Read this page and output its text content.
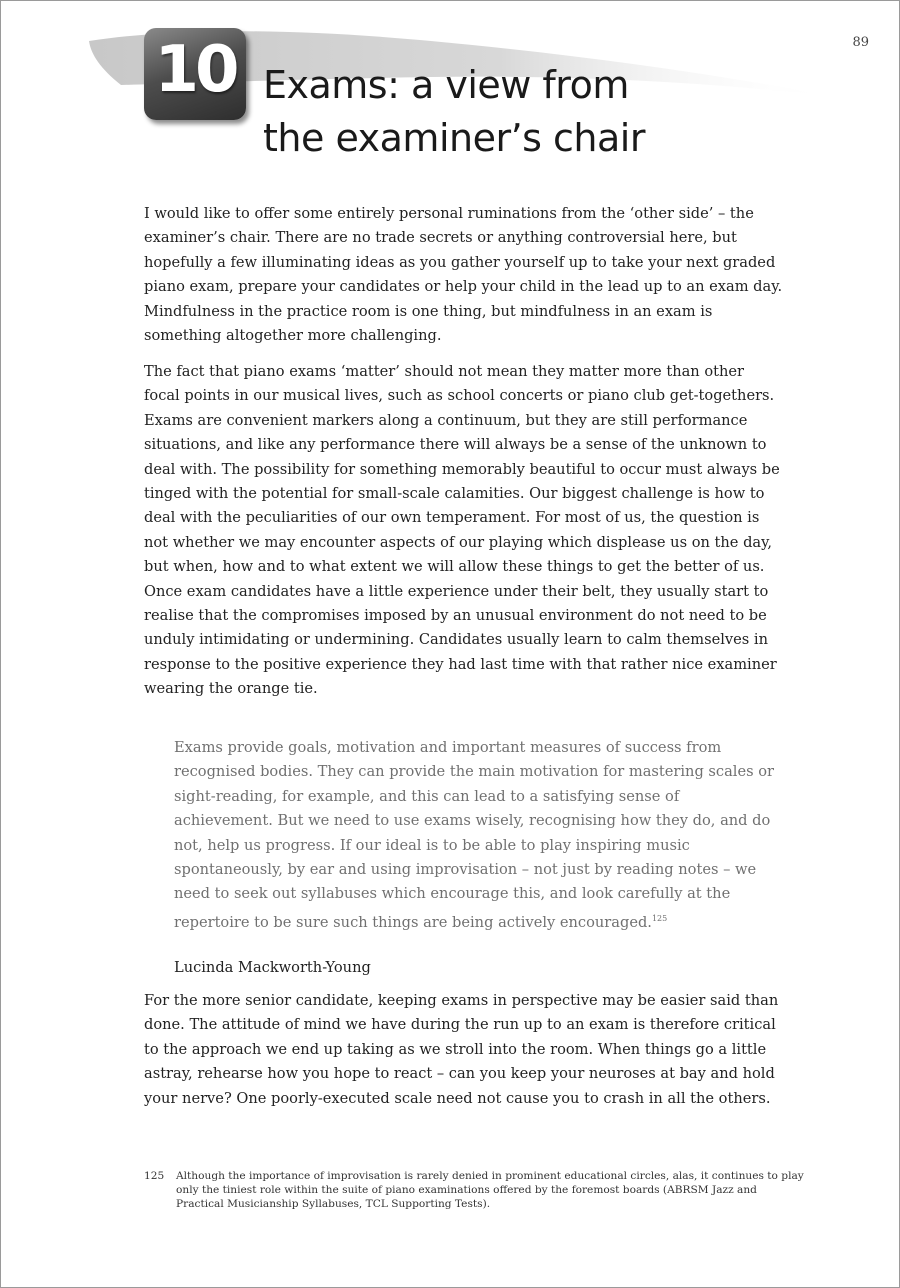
89
10 Exams: a view from
the examiner’s chair

I would like to offer some entirely personal ruminations from the ‘other side’ – the examiner’s chair. There are no trade secrets or anything controversial here, but hopefully a few illuminating ideas as you gather yourself up to take your next graded piano exam, prepare your candidates or help your child in the lead up to an exam day. Mindfulness in the practice room is one thing, but mindfulness in an exam is something altogether more challenging.

The fact that piano exams ‘matter’ should not mean they matter more than other focal points in our musical lives, such as school concerts or piano club get-togethers. Exams are convenient markers along a continuum, but they are still performance situations, and like any performance there will always be a sense of the unknown to deal with. The possibility for something memorably beautiful to occur must always be tinged with the potential for small-scale calamities. Our biggest challenge is how to deal with the peculiarities of our own temperament. For most of us, the question is not whether we may encounter aspects of our playing which displease us on the day, but when, how and to what extent we will allow these things to get the better of us. Once exam candidates have a little experience under their belt, they usually start to realise that the compromises imposed by an unusual environment do not need to be unduly intimidating or undermining. Candidates usually learn to calm themselves in response to the positive experience they had last time with that rather nice examiner wearing the orange tie.

Exams provide goals, motivation and important measures of success from recognised bodies. They can provide the main motivation for mastering scales or sight-reading, for example, and this can lead to a satisfying sense of achievement. But we need to use exams wisely, recognising how they do, and do not, help us progress. If our ideal is to be able to play inspiring music spontaneously, by ear and using improvisation – not just by reading notes – we need to seek out syllabuses which encourage this, and look carefully at the repertoire to be sure such things are being actively encouraged.$^{125}$

Lucinda Mackworth-Young

For the more senior candidate, keeping exams in perspective may be easier said than done. The attitude of mind we have during the run up to an exam is therefore critical to the approach we end up taking as we stroll into the room. When things go a little astray, rehearse how you hope to react – can you keep your neuroses at bay and hold your nerve? One poorly-executed scale need not cause you to crash in all the others.

125	Although the importance of improvisation is rarely denied in prominent educational circles, alas, it continues to play only the tiniest role within the suite of piano examinations offered by the foremost boards (ABRSM Jazz and Practical Musicianship Syllabuses, TCL Supporting Tests).
